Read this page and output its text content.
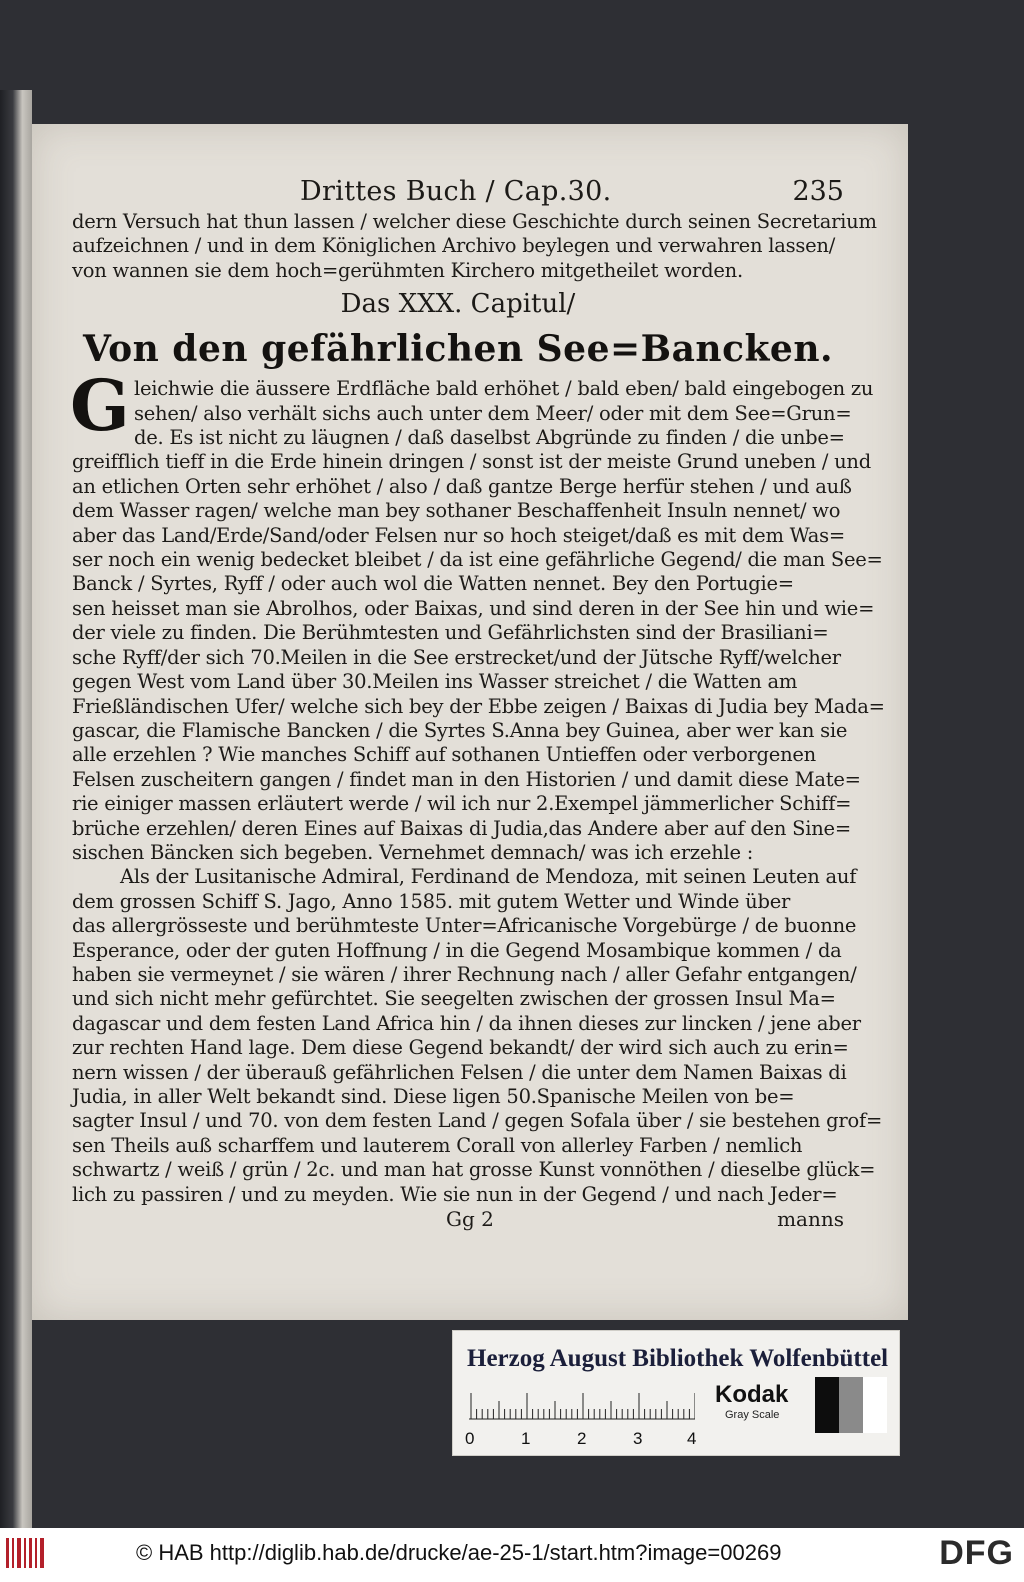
Drittes Buch / Cap.30.	235
dern Versuch hat thun lassen / welcher diese Geschichte durch seinen Secretarium
aufzeichnen / und in dem Königlichen Archivo beylegen und verwahren lassen/
von wannen sie dem hoch=gerühmten Kirchero mitgetheilet worden.
Das XXX. Capitul/
Von den gefährlichen See=Bancken.
G leichwie die äussere Erdfläche bald erhöhet / bald eben/ bald eingebogen zu
sehen/ also verhält sichs auch unter dem Meer/ oder mit dem See=Grun=
de. Es ist nicht zu läugnen / daß daselbst Abgründe zu finden / die unbe=
greifflich tieff in die Erde hinein dringen / sonst ist der meiste Grund uneben / und
an etlichen Orten sehr erhöhet / also / daß gantze Berge herfür stehen / und auß
dem Wasser ragen/ welche man bey sothaner Beschaffenheit Insuln nennet/ wo
aber das Land/Erde/Sand/oder Felsen nur so hoch steiget/daß es mit dem Was=
ser noch ein wenig bedecket bleibet / da ist eine gefährliche Gegend/ die man See=
Banck / Syrtes, Ryff / oder auch wol die Watten nennet. Bey den Portugie=
sen heisset man sie Abrolhos, oder Baixas, und sind deren in der See hin und wie=
der viele zu finden. Die Berühmtesten und Gefährlichsten sind der Brasiliani=
sche Ryff/der sich 70.Meilen in die See erstrecket/und der Jütsche Ryff/welcher
gegen West vom Land über 30.Meilen ins Wasser streichet / die Watten am
Frießländischen Ufer/ welche sich bey der Ebbe zeigen / Baixas di Judia bey Mada=
gascar, die Flamische Bancken / die Syrtes S.Anna bey Guinea, aber wer kan sie
alle erzehlen ? Wie manches Schiff auf sothanen Untieffen oder verborgenen
Felsen zuscheitern gangen / findet man in den Historien / und damit diese Mate=
rie einiger massen erläutert werde / wil ich nur 2.Exempel jämmerlicher Schiff=
brüche erzehlen/ deren Eines auf Baixas di Judia,das Andere aber auf den Sine=
sischen Bäncken sich begeben. Vernehmet demnach/ was ich erzehle :
Als der Lusitanische Admiral, Ferdinand de Mendoza, mit seinen Leuten auf
dem grossen Schiff S. Jago, Anno 1585. mit gutem Wetter und Winde über
das allergrösseste und berühmteste Unter=Africanische Vorgebürge / de buonne
Esperance, oder der guten Hoffnung / in die Gegend Mosambique kommen / da
haben sie vermeynet / sie wären / ihrer Rechnung nach / aller Gefahr entgangen/
und sich nicht mehr gefürchtet. Sie seegelten zwischen der grossen Insul Ma=
dagascar und dem festen Land Africa hin / da ihnen dieses zur lincken / jene aber
zur rechten Hand lage. Dem diese Gegend bekandt/ der wird sich auch zu erin=
nern wissen / der überauß gefährlichen Felsen / die unter dem Namen Baixas di
Judia, in aller Welt bekandt sind. Diese ligen 50.Spanische Meilen von be=
sagter Insul / und 70. von dem festen Land / gegen Sofala über / sie bestehen grof=
sen Theils auß scharffem und lauterem Corall von allerley Farben / nemlich
schwartz / weiß / grün / 2c. und man hat grosse Kunst vonnöthen / dieselbe glück=
lich zu passiren / und zu meyden. Wie sie nun in der Gegend / und nach Jeder=
Gg 2	manns
Herzog August Bibliothek Wolfenbüttel
0	1	2	3	4
Kodak
Gray Scale
© HAB http://diglib.hab.de/drucke/ae-25-1/start.htm?image=00269	DFG
